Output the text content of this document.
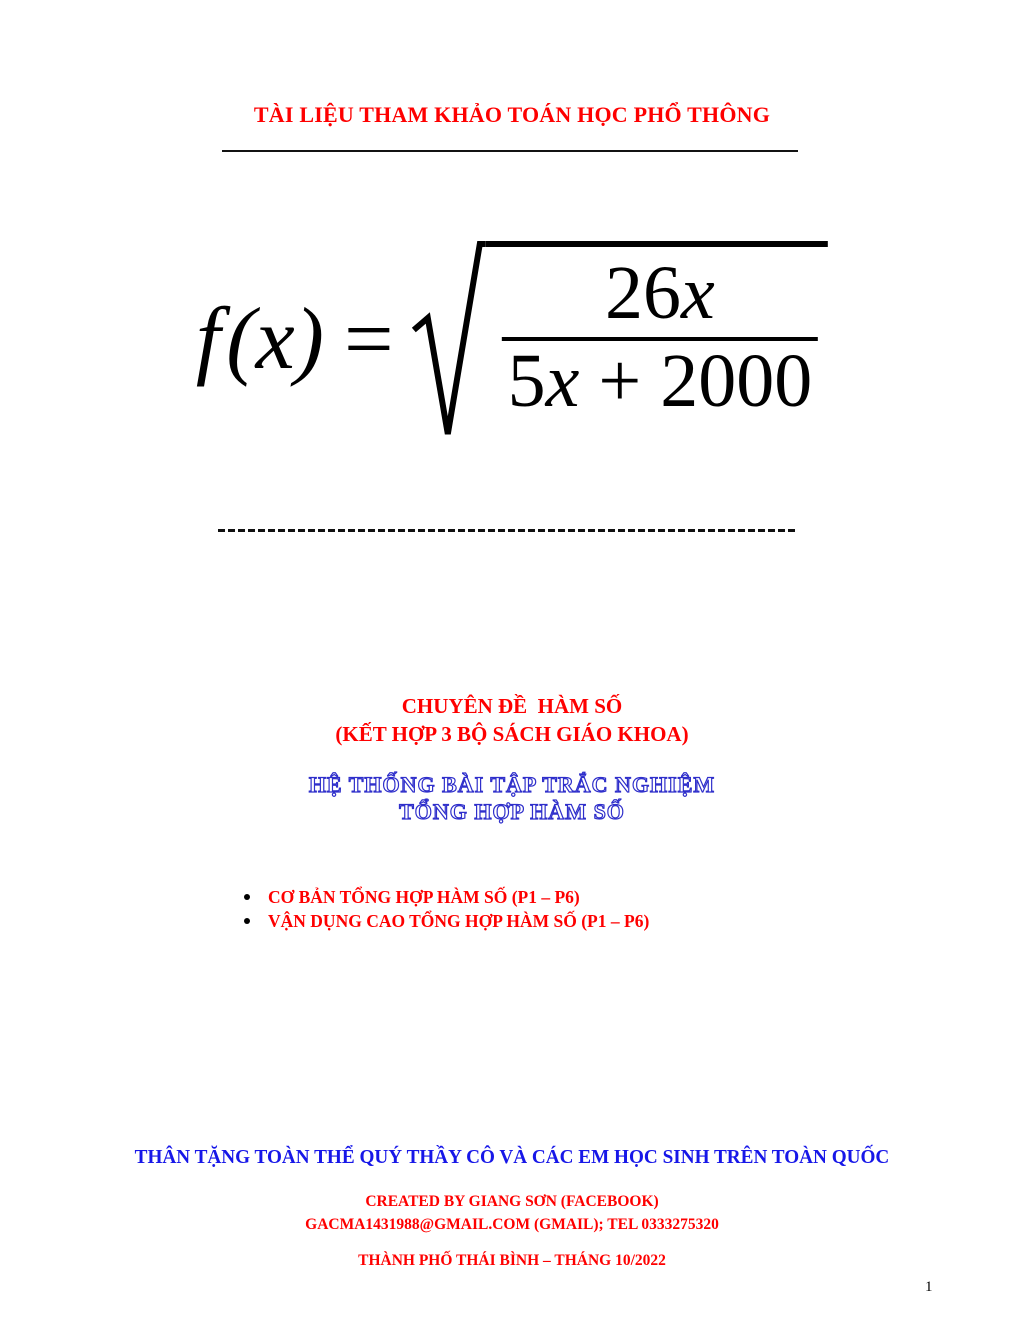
TÀI LIỆU THAM KHẢO TOÁN HỌC PHỔ THÔNG
f (x) =	26x
5x + 2000
CHUYÊN ĐỀ  HÀM SỐ
(KẾT HỢP 3 BỘ SÁCH GIÁO KHOA)
HỆ THỐNG BÀI TẬP TRẮC NGHIỆM
TỔNG HỢP HÀM SỐ
CƠ BẢN TỔNG HỢP HÀM SỐ (P1 – P6)
VẬN DỤNG CAO TỔNG HỢP HÀM SỐ (P1 – P6)
THÂN TẶNG TOÀN THỂ QUÝ THẦY CÔ VÀ CÁC EM HỌC SINH TRÊN TOÀN QUỐC
CREATED BY GIANG SƠN (FACEBOOK)
GACMA1431988@GMAIL.COM (GMAIL); TEL 0333275320
THÀNH PHỐ THÁI BÌNH – THÁNG 10/2022
1
